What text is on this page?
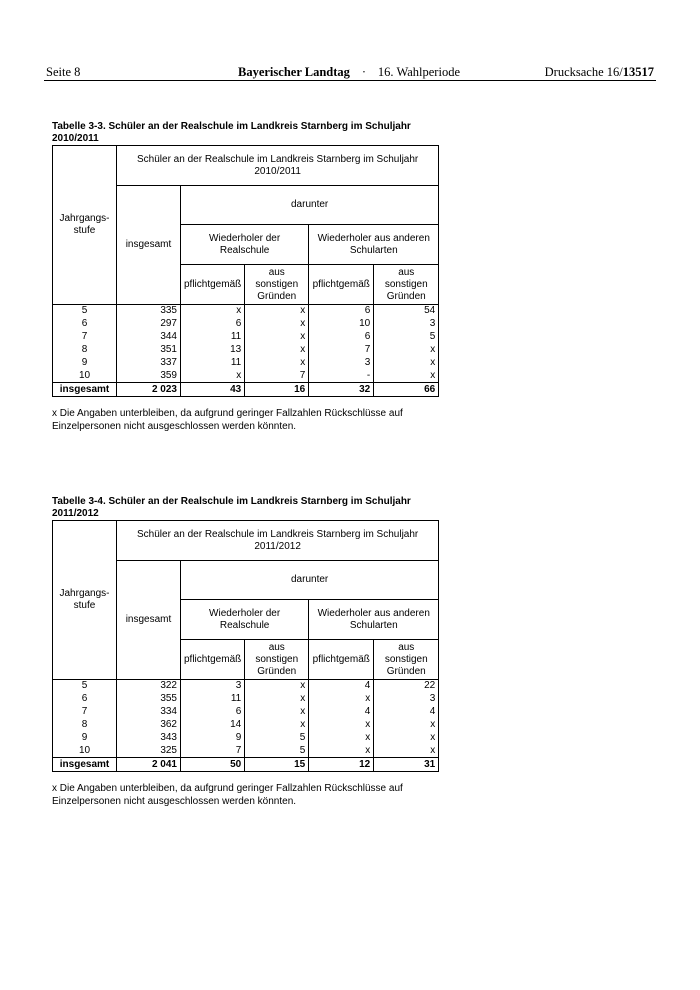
Seite 8	Bayerischer Landtag · 16. Wahlperiode	Drucksache 16/13517
Tabelle 3-3. Schüler an der Realschule im Landkreis Starnberg im Schuljahr 2010/2011
Jahrgangs- stufe	Schüler an der Realschule im Landkreis Starnberg im Schuljahr 2010/2011				
	insgesamt	darunter			
		Wiederholer der Realschule		Wiederholer aus anderen Schularten	
		pflichtgemäß	aus sonstigen Gründen	pflichtgemäß	aus sonstigen Gründen
5	335	x	x	6	54
6	297	6	x	10	3
7	344	11	x	6	5
8	351	13	x	7	x
9	337	11	x	3	x
10	359	x	7	-	x
insgesamt	2 023	43	16	32	66
x Die Angaben unterbleiben, da aufgrund geringer Fallzahlen Rückschlüsse auf Einzelpersonen nicht ausgeschlossen werden könnten.
Tabelle 3-4. Schüler an der Realschule im Landkreis Starnberg im Schuljahr 2011/2012
Jahrgangs- stufe	Schüler an der Realschule im Landkreis Starnberg im Schuljahr 2011/2012				
	insgesamt	darunter			
		Wiederholer der Realschule		Wiederholer aus anderen Schularten	
		pflichtgemäß	aus sonstigen Gründen	pflichtgemäß	aus sonstigen Gründen
5	322	3	x	4	22
6	355	11	x	x	3
7	334	6	x	4	4
8	362	14	x	x	x
9	343	9	5	x	x
10	325	7	5	x	x
insgesamt	2 041	50	15	12	31
x Die Angaben unterbleiben, da aufgrund geringer Fallzahlen Rückschlüsse auf Einzelpersonen nicht ausgeschlossen werden könnten.
